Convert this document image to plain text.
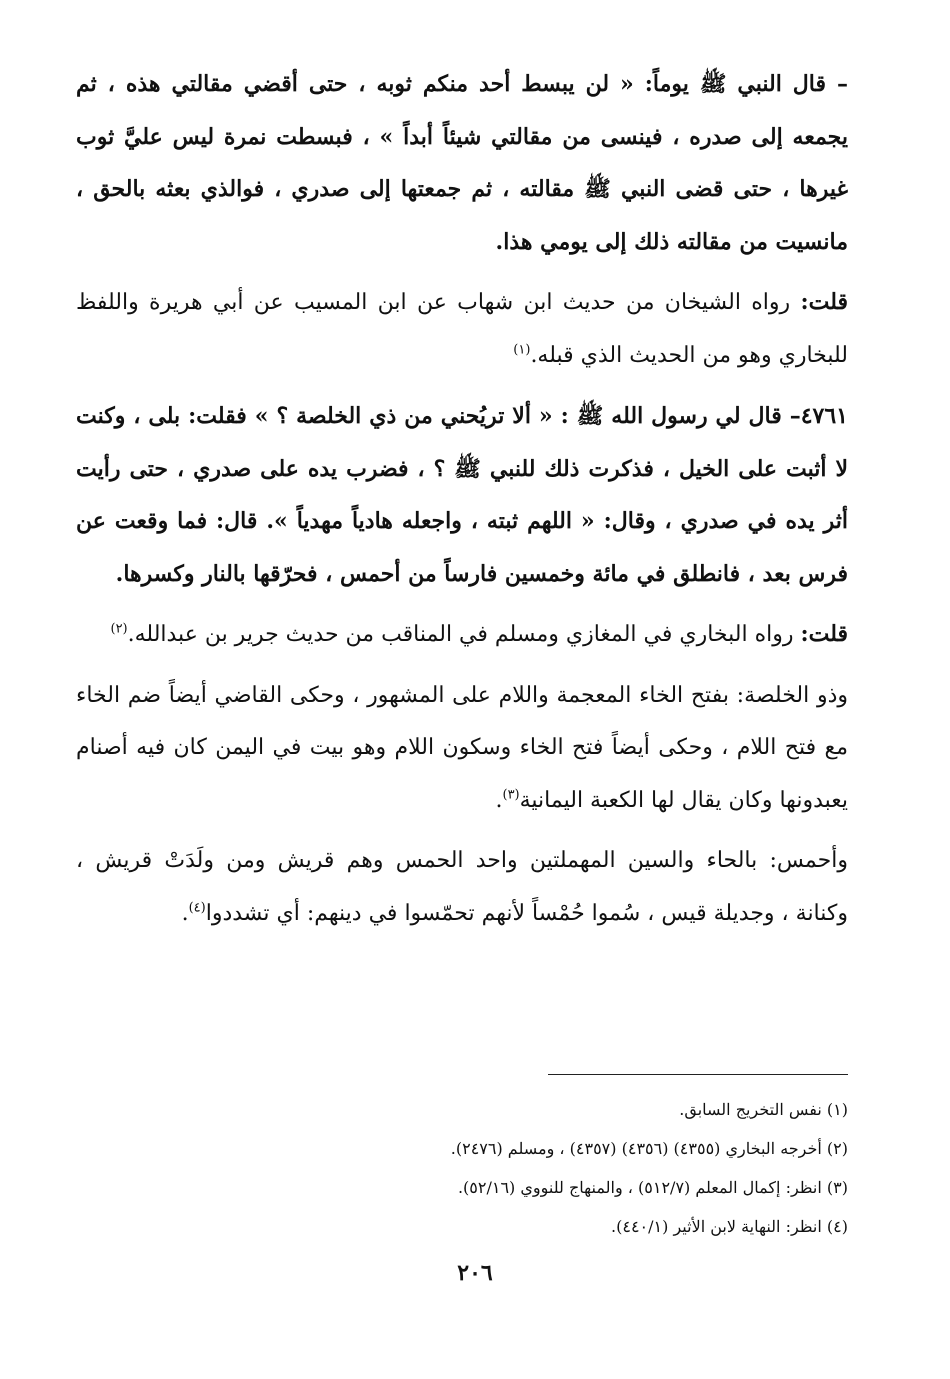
– قال النبي ﷺ يوماً: « لن يبسط أحد منكم ثوبه ، حتى أقضي مقالتي هذه ، ثم يجمعه إلى صدره ، فينسى من مقالتي شيئاً أبداً » ، فبسطت نمرة ليس عليَّ ثوب غيرها ، حتى قضى النبي ﷺ مقالته ، ثم جمعتها إلى صدري ، فوالذي بعثه بالحق ، مانسيت من مقالته ذلك إلى يومي هذا.

قلت: رواه الشيخان من حديث ابن شهاب عن ابن المسيب عن أبي هريرة واللفظ للبخاري وهو من الحديث الذي قبله.$^{(١)}$

٤٧٦١– قال لي رسول الله ﷺ : « ألا تريُحني من ذي الخلصة ؟ » فقلت: بلى ، وكنت لا أثبت على الخيل ، فذكرت ذلك للنبي ﷺ ؟ ، فضرب يده على صدري ، حتى رأيت أثر يده في صدري ، وقال: « اللهم ثبته ، واجعله هادياً مهدياً ». قال: فما وقعت عن فرس بعد ، فانطلق في مائة وخمسين فارساً من أحمس ، فحرّقها بالنار وكسرها.

قلت: رواه البخاري في المغازي ومسلم في المناقب من حديث جرير بن عبدالله.$^{(٢)}$

وذو الخلصة: بفتح الخاء المعجمة واللام على المشهور ، وحكى القاضي أيضاً ضم الخاء مع فتح اللام ، وحكى أيضاً فتح الخاء وسكون اللام وهو بيت في اليمن كان فيه أصنام يعبدونها وكان يقال لها الكعبة اليمانية$^{(٣)}$.

وأحمس: بالحاء والسين المهملتين واحد الحمس وهم قريش ومن ولَدَتْ قريش ، وكنانة ، وجديلة قيس ، سُموا حُمْساً لأنهم تحمّسوا في دينهم: أي تشددوا$^{(٤)}$.

(١) نفس التخريج السابق.
(٢) أخرجه البخاري (٤٣٥٥) (٤٣٥٦) (٤٣٥٧) ، ومسلم (٢٤٧٦).
(٣) انظر: إكمال المعلم (٥١٢/٧) ، والمنهاج للنووي (٥٢/١٦).
(٤) انظر: النهاية لابن الأثير (٤٤٠/١).
٢٠٦
